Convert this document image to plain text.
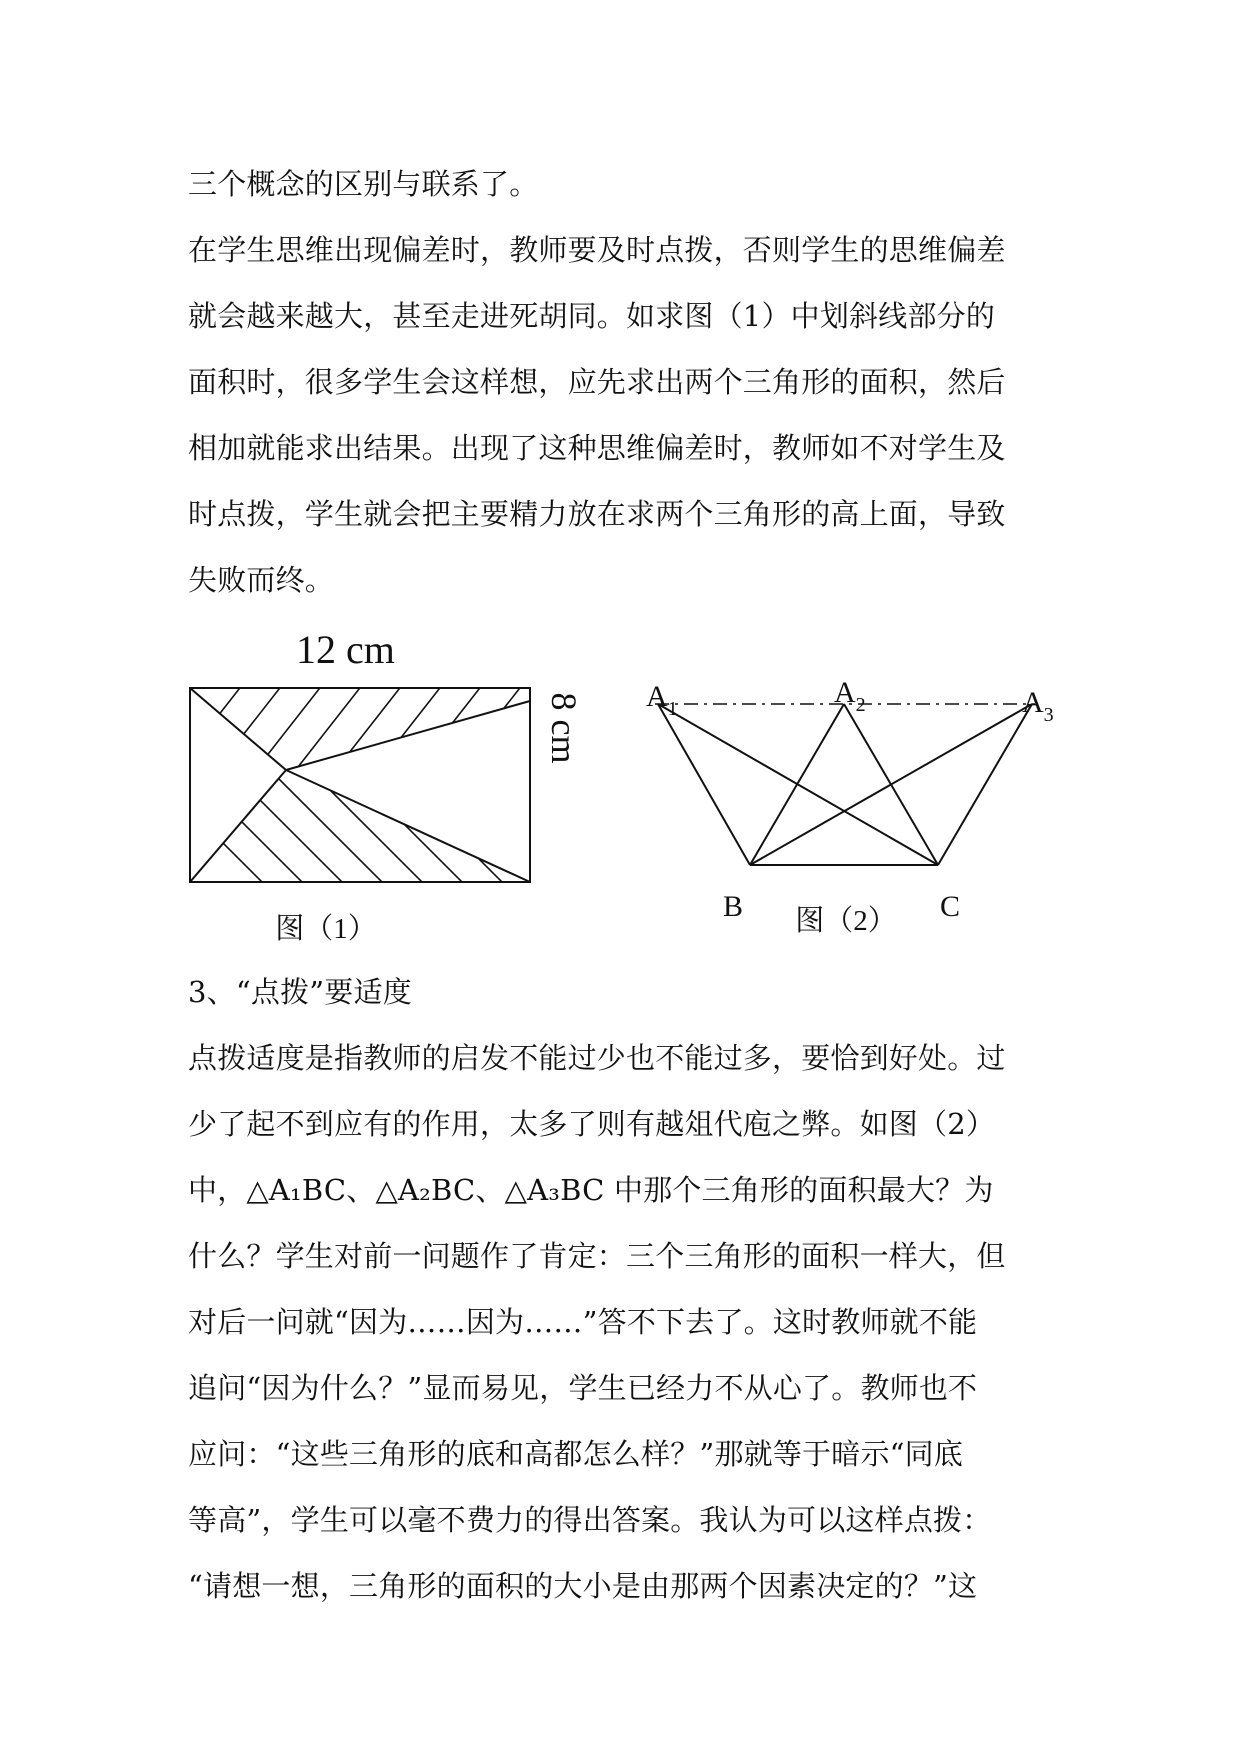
三个概念的区别与联系了。

在学生思维出现偏差时，教师要及时点拨，否则学生的思维偏差

就会越来越大，甚至走进死胡同。如求图（1）中划斜线部分的

面积时，很多学生会这样想，应先求出两个三角形的面积，然后

相加就能求出结果。出现了这种思维偏差时，教师如不对学生及

时点拨，学生就会把主要精力放在求两个三角形的高上面，导致

失败而终。

12 cm
8 cm
图（1）
$A_1$	$A_2$	$A_3$
B	C
图（2）

3、“点拨”要适度

点拨适度是指教师的启发不能过少也不能过多，要恰到好处。过

少了起不到应有的作用，太多了则有越俎代庖之弊。如图（2）

中，△A₁BC、△A₂BC、△A₃BC 中那个三角形的面积最大？为

什么？学生对前一问题作了肯定：三个三角形的面积一样大，但

对后一问就“因为……因为……”答不下去了。这时教师就不能

追问“因为什么？”显而易见，学生已经力不从心了。教师也不

应问：“这些三角形的底和高都怎么样？”那就等于暗示“同底

等高”，学生可以毫不费力的得出答案。我认为可以这样点拨：

“请想一想，三角形的面积的大小是由那两个因素决定的？”这
